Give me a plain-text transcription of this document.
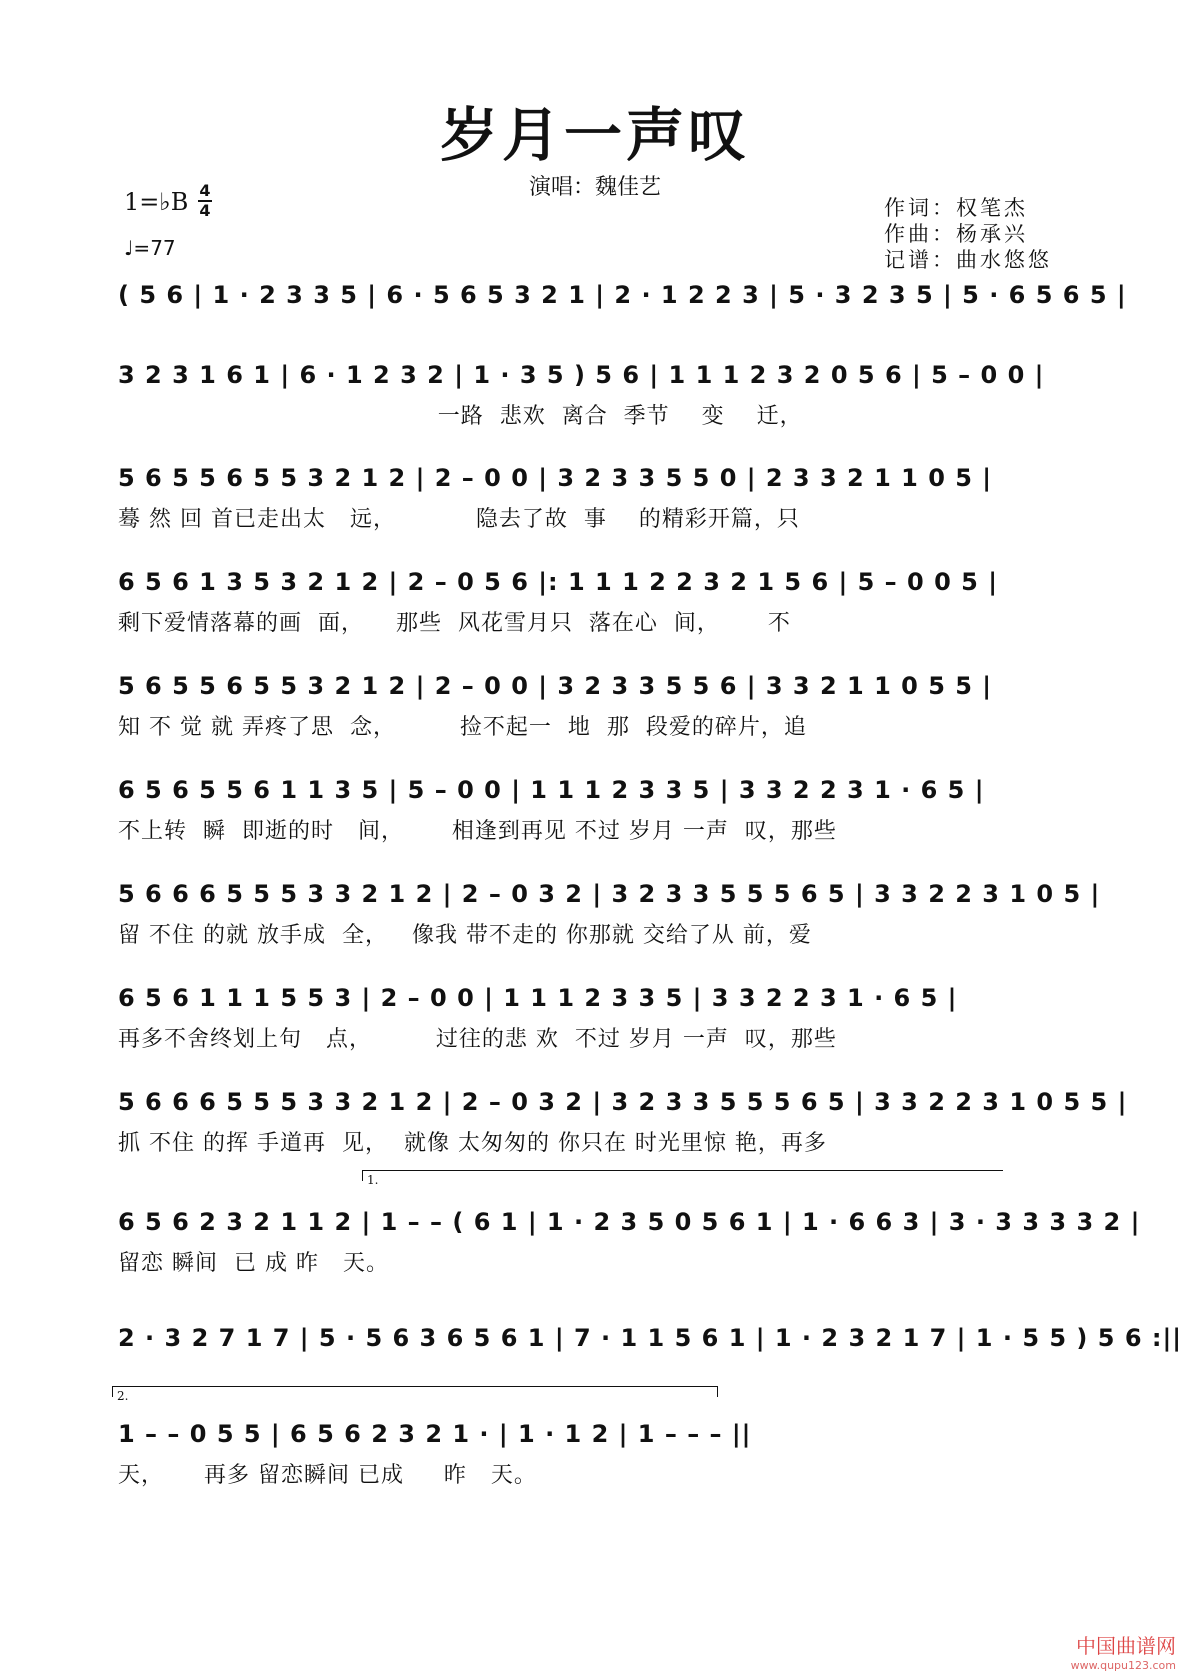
岁月一声叹
演唱：魏佳艺
1=♭B 4
4
♩=77
作词：权笔杰
作曲：杨承兴
记谱：曲水悠悠
( 5 6 | 1 · 2 3 3 5 | 6 · 5 6 5 3 2 1 | 2 · 1 2 2 3 | 5 · 3 2 3 5 | 5 · 6 5 6 5 |
3 2 3 1 6 1 | 6 · 1 2 3 2 | 1 · 3 5 ) 5 6 | 1 1 1 2 3 2 0 5 6 | 5 – 0 0 |
一路  悲欢  离合  季节    变    迁，
5 6 5 5 6 5 5 3 2 1 2 | 2 – 0 0 | 3 2 3 3 5 5 0 | 2 3 3 2 1 1 0 5 |
蓦 然 回 首已走出太   远，          隐去了故  事    的精彩开篇，只
6 5 6 1 3 5 3 2 1 2 | 2 – 0 5 6 |: 1 1 1 2 2 3 2 1 5 6 | 5 – 0 0 5 |
剩下爱情落幕的画  面，    那些  风花雪月只  落在心  间，      不
5 6 5 5 6 5 5 3 2 1 2 | 2 – 0 0 | 3 2 3 3 5 5 6 | 3 3 2 1 1 0 5 5 |
知 不 觉 就 弄疼了思  念，        捡不起一  地  那  段爱的碎片，追
6 5 6 5 5 6 1 1 3 5 | 5 – 0 0 | 1 1 1 2 3 3 5 | 3 3 2 2 3 1 · 6 5 |
不上转  瞬  即逝的时   间，      相逢到再见 不过 岁月 一声  叹，那些
5 6 6 6 5 5 5 3 3 2 1 2 | 2 – 0 3 2 | 3 2 3 3 5 5 5 6 5 | 3 3 2 2 3 1 0 5 |
留 不住 的就 放手成  全，   像我 带不走的 你那就 交给了从 前，爱
6 5 6 1 1 1 5 5 3 | 2 – 0 0 | 1 1 1 2 3 3 5 | 3 3 2 2 3 1 · 6 5 |
再多不舍终划上句   点，        过往的悲 欢  不过 岁月 一声  叹，那些
5 6 6 6 5 5 5 3 3 2 1 2 | 2 – 0 3 2 | 3 2 3 3 5 5 5 6 5 | 3 3 2 2 3 1 0 5 5 |
抓 不住 的挥 手道再  见，  就像 太匆匆的 你只在 时光里惊 艳，再多
6 5 6 2 3 2 1 1 2 | 1 – – ( 6 1 | 1 · 2 3 5 0 5 6 1 | 1 · 6 6 3 | 3 · 3 3 3 3 2 |
留恋 瞬间  已 成 昨   天。
2 · 3 2 7 1 7 | 5 · 5 6 3 6 5 6 1 | 7 · 1 1 5 6 1 | 1 · 2 3 2 1 7 | 1 · 5 5 ) 5 6 :||
1 – – 0 5 5 | 6 5 6 2 3 2 1 · | 1 · 1 2 | 1 – – – ||
天，     再多 留恋瞬间 已成     昨   天。
1.
2.
中国曲谱网
www.qupu123.com
